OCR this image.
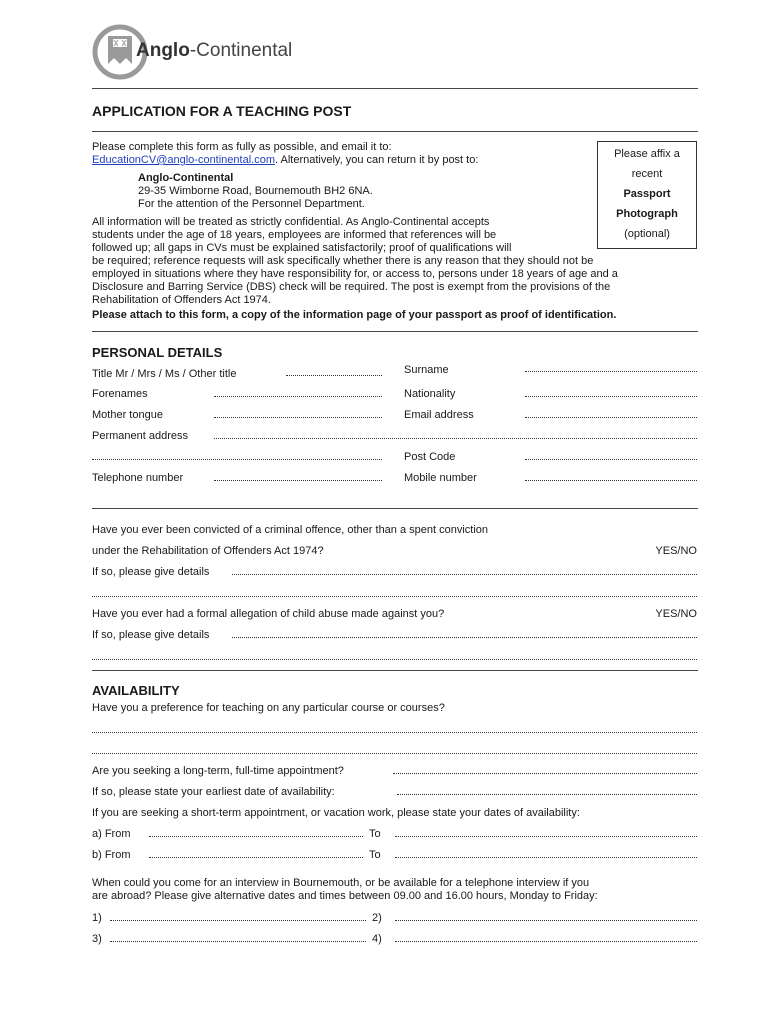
Anglo-Continental
APPLICATION FOR A TEACHING POST
Please complete this form as fully as possible, and email it to:
EducationCV@anglo-continental.com. Alternatively, you can return it by post to:
Anglo-Continental
29-35 Wimborne Road, Bournemouth BH2 6NA.
For the attention of the Personnel Department.
All information will be treated as strictly confidential. As Anglo-Continental accepts
students under the age of 18 years, employees are informed that references will be
followed up; all gaps in CVs must be explained satisfactorily; proof of qualifications will
be required; reference requests will ask specifically whether there is any reason that they should not be
employed in situations where they have responsibility for, or access to, persons under 18 years of age and a
Disclosure and Barring Service (DBS) check will be required. The post is exempt from the provisions of the
Rehabilitation of Offenders Act 1974.
Please attach to this form, a copy of the information page of your passport as proof of identification.
Please affix a
recent
Passport
Photograph
(optional)
PERSONAL DETAILS
Title Mr / Mrs / Ms / Other title	Surname
Forenames	Nationality
Mother tongue	Email address
Permanent address
Post Code
Telephone number	Mobile number
Have you ever been convicted of a criminal offence, other than a spent conviction
under the Rehabilitation of Offenders Act 1974?	YES/NO
If so, please give details
Have you ever had a formal allegation of child abuse made against you?	YES/NO
If so, please give details
AVAILABILITY
Have you a preference for teaching on any particular course or courses?
Are you seeking a long-term, full-time appointment?
If so, please state your earliest date of availability:
If you are seeking a short-term appointment, or vacation work, please state your dates of availability:
a) From	To
b) From	To
When could you come for an interview in Bournemouth, or be available for a telephone interview if you
are abroad? Please give alternative dates and times between 09.00 and 16.00 hours, Monday to Friday:
1)	2)
3)	4)
